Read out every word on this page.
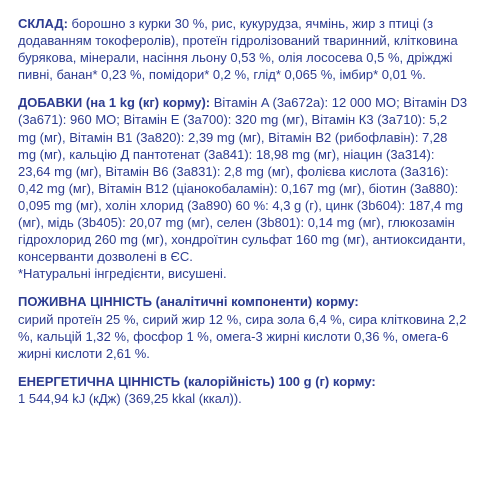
СКЛАД: борошно з курки 30 %, рис, кукурудза, ячмінь, жир з птиці (з додаванням токоферолів), протеїн гідролізований тваринний, клітковина бурякова, мінерали, насіння льону 0,53 %, олія лососева 0,5 %, дріжджі пивні, банан* 0,23 %, помідори* 0,2 %, глід* 0,065 %, імбир* 0,01 %.

ДОБАВКИ (на 1 kg (кг) корму): Вітамін A (3a672a): 12 000 МО; Вітамін D3 (3a671): 960 МО; Вітамін E (3a700): 320 mg (мг), Вітамін К3 (3a710): 5,2 mg (мг), Вітамін B1 (3a820): 2,39 mg (мг), Вітамін B2 (рибофлавін): 7,28 mg (мг), кальцію Д пантотенат (3a841): 18,98 mg (мг), ніацин (3a314): 23,64 mg (мг), Вітамін B6 (3a831): 2,8 mg (мг), фолієва кислота (3a316): 0,42 mg (мг), Вітамін B12 (ціанокобаламін): 0,167 mg (мг), біотин (3a880): 0,095 mg (мг), холін хлорид (3a890) 60 %: 4,3 g (г), цинк (3b604): 187,4 mg (мг), мідь (3b405): 20,07 mg (мг), селен (3b801): 0,14 mg (мг), глюкозамін гідрохлорид 260 mg (мг), хондроїтин сульфат 160 mg (мг), антиоксиданти, консерванти дозволені в ЄС.

*Натуральні інгредієнти, висушені.

ПОЖИВНА ЦІННІСТЬ (аналітичні компоненти) корму:

сирий протеїн 25 %, сирий жир 12 %, сира зола 6,4 %, сира клітковина 2,2 %, кальцій 1,32 %, фосфор 1 %, омега-3 жирні кислоти 0,36 %, омега-6 жирні кислоти 2,61 %.

ЕНЕРГЕТИЧНА ЦІННІСТЬ (калорійність) 100 g (г) корму:

1 544,94 kJ (кДж) (369,25 kkal (ккал)).
